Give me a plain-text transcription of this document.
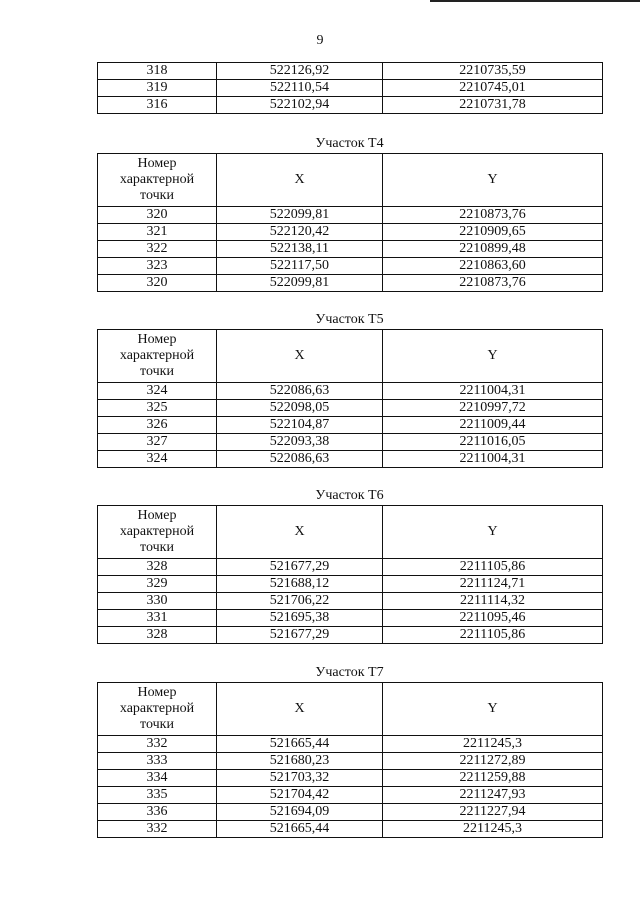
9
318	522126,92	2210735,59
319	522110,54	2210745,01
316	522102,94	2210731,78
Участок Т4
Номер
характерной
точки	X	Y
320	522099,81	2210873,76
321	522120,42	2210909,65
322	522138,11	2210899,48
323	522117,50	2210863,60
320	522099,81	2210873,76
Участок Т5
Номер
характерной
точки	X	Y
324	522086,63	2211004,31
325	522098,05	2210997,72
326	522104,87	2211009,44
327	522093,38	2211016,05
324	522086,63	2211004,31
Участок Т6
Номер
характерной
точки	X	Y
328	521677,29	2211105,86
329	521688,12	2211124,71
330	521706,22	2211114,32
331	521695,38	2211095,46
328	521677,29	2211105,86
Участок Т7
Номер
характерной
точки	X	Y
332	521665,44	2211245,3
333	521680,23	2211272,89
334	521703,32	2211259,88
335	521704,42	2211247,93
336	521694,09	2211227,94
332	521665,44	2211245,3
